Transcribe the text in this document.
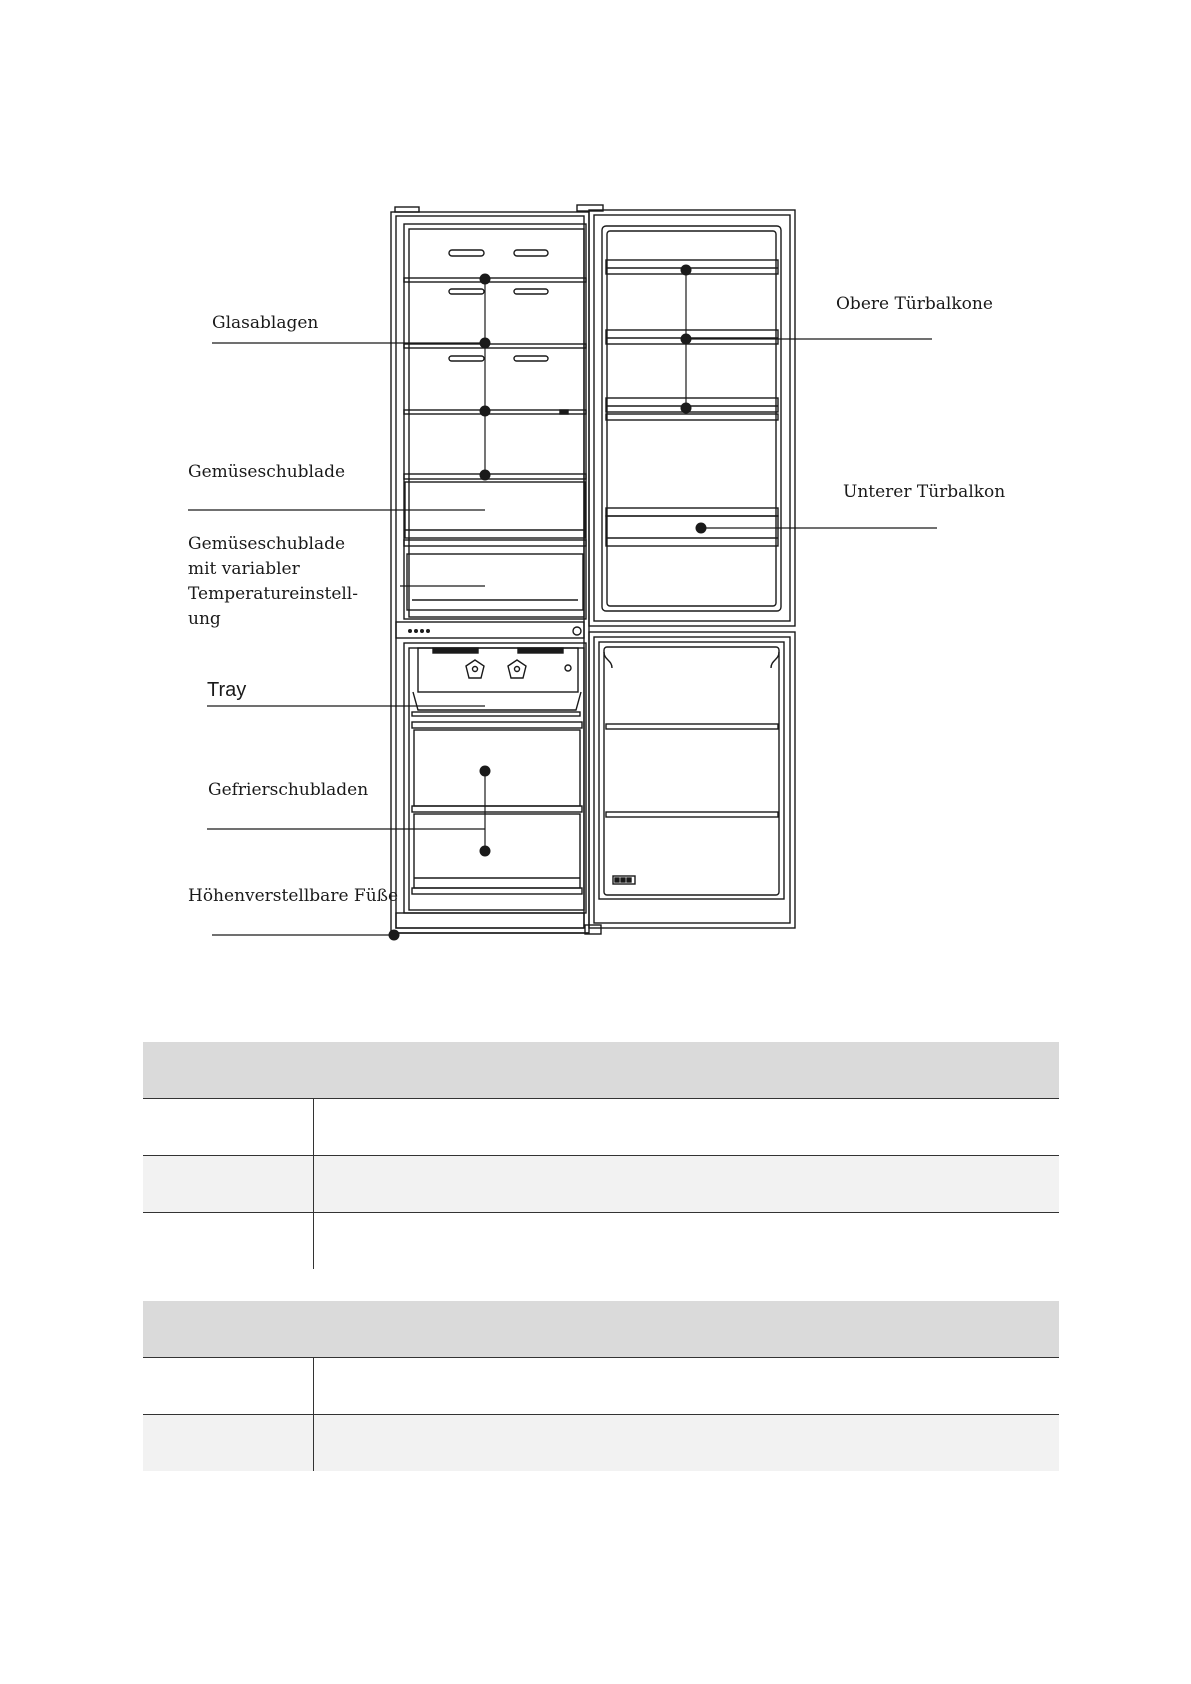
Glasablagen
Gemüseschublade
Gemüseschublade
mit variabler
Temperatureinstell-
ung
Tray
Gefrierschubladen
Höhenverstellbare Füße
Obere Türbalkone
Unterer Türbalkon
